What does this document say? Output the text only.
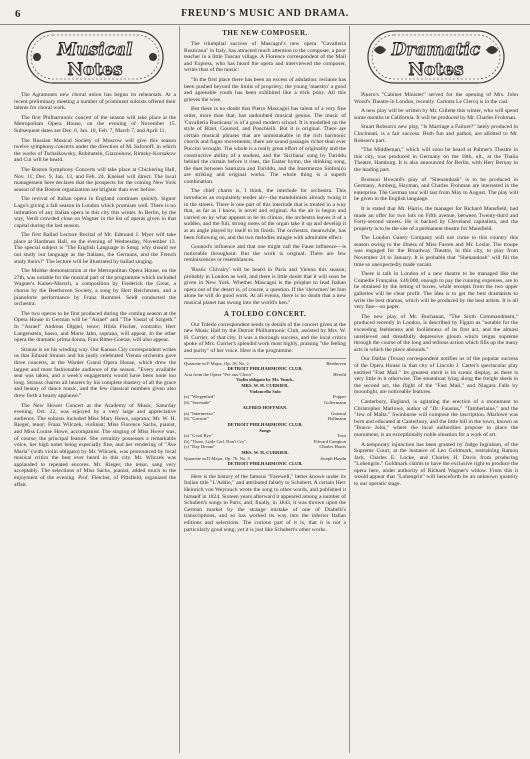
6	FREUND'S MUSIC AND DRAMA.
Musical
Notes

The Agramonts new choral union has begun its rehearsals. At a recent preliminary meeting a number of prominent soloists offered their talents for choral work.

The first Philharmonic concert of the season will take place at the Metropolitan Opera House, on the evening of November 15. Subsequent dates are Dec. 6, Jan. 10, Feb. 7, March 7, and April 11.

The Russian Musical Society of Moscow will give this season twelve symphony concerts under the direction of M. Safonoff, in which the works of Tschaikowsky, Rubinstein, Glazounow, Rimsky-Korsakow and Cui will be heard.

The Boston Symphony Concerts will take place at Chickering Hall, Nov. 11, Dec. 9, Jan. 13, and Feb. 24. Kneisel will direct. The local management here declares that the prospects for the coming New York season of the Boston organization are brighter than ever before.

The revival of Italian opera in England continues quickly. Signor Lago's giving a fall season in London which promises well. There is no intimation of any Italian opera in this city this winter. In Berlin, by the way, Verdi crowded close on Wagner in the list of operas given in that capital during the last season.

The first Ballad Lecture Recital of Mr. Edmund J. Myer will take place at Hardman Hall, on the evening of Wednesday, November 13. The special subject is "The English Language in Song; why should we not study our language as the Italians, the Germans, and the French study theirs?" The lecture will be illustrated by ballad singing.

The Moltke demonstration at the Metropolitan Opera House, on the 27th, was notable for the musical part of the programme which included Wagner's Kaiser-Marsch, a composition by Frederick the Great, a chorus by the Beethoven Society, a song by Herr Reichmann, and a pianoforte performance by Franz Rummel. Seidl conducted the orchestra.

The two operas to be first produced during the coming season at the Opera House in German will be "Asrael" and "The Vassal of Szigeth." In "Asrael" Andreas Dippel, tenor; Hilda Fischer, contralto; Herr Langenstein, basso, and Marie Jahn, soprano, will appear. In the other opera the dramatic prima donna, Frau Ritter-Goetze, will also appear.

Strauss is on his winding way. Our Kansas City correspondent writes us that Eduard Strauss and his justly celebrated Vienna orchestra gave three concerts, at the Warder Grand Opera House, which drew the largest and most fashionable audience of the season. "Every available seat was taken, and a week's engagement would have been none too long. Strauss charms all hearers by his complete mastery of all the grace and beauty of dance music, and the few classical numbers given also drew forth a hearty applause."

The New Hower Concert at the Academy of Music, Saturday evening, Oct. 22, was enjoyed by a very large and appreciative audience. The soloists included Miss Mary Howe, soprano; Mr. W. H. Rieger, tenor; Franz Wilczek, violinist; Miss Florence Sachs, pianist, and Miss Louise Howe, accompanist. The singing of Miss Howe was, of course, the principal feature. She certainly possesses a remarkable voice, her high notes being especially fine, and her rendering of "Ave Maria" (with violin obligato) by Mr. Wilczek, was pronounced by local musical critics the best ever heard in this city. Mr. Wilczek was applauded to repeated encores. Mr. Rieger, the tenor, sang very acceptably. The selections of Miss Sachs, pianist, added much to the enjoyment of the evening. Prof. Fletcher, of Pittsfield, organized the affair.

THE NEW COMPOSER.

The triumphal success of Mascagni's new opera "Cavalleria Rusticana" in Italy, has attracted much attention to the composer, a poor teacher in a little Tuscan village. A Florence correspondent of the Mail and Express, who has heard the opera and interviewed the composer, writes thus of the music:

"In the first place there has been an excess of adulation; reclame has been pushed beyond the limits of propriety; the young 'maestro' a good and agreeable youth has been exhibited like a trick pony. All this grieves the wise.

But there is no doubt that Pietro Mascagni has talent of a very fine order, more than that, has undoubted musical genius. The music of 'Cavalleria Rusticana' is of a good modern school. It is modelled on the style of Bizet, Gounod, and Ponchielli. But it is original. There are certain musical phrases that are unmistakable in the rich harmonic chords and fugue movements; there are sound passages richer than ever Puccini wrought. The whole is a really great effort of originality and the constructive ability of a student, and the 'Siciliana' sung by Turiddu behind the curtain before it rises, the Easter hymn, the drinking song, the duet between Santuzza and Turiddu, and the Intermezzo Sinfonico are striking and original works. The whole thing is a superb combination.

The chief charm is, I think, the interlude for orchestra. This introduces an exquisitely tender air—the mandolinists already twang it in the streets. There is one part of this interlude that is treated in a way that, as far as I know, is novel and original. As the air is begun and carried on by what appears to be its climax, the orchestra leaves it of a sudden, and the full, strong notes of the organ take it up and develop it at an angle played by itself to its finish. The orchestra, meanwhile, has been following on, and the two melodies mingle with admirable effect.

Gounod's influence and that one might call the Faust influence—is noticeable throughout. But the work is original. There are few reminiscences or resemblances.

'Rustic Chivalry' will be heard in Paris and Vienna this season; probably in London as well, and there is little doubt that it will soon be given in New York. Whether Mascagni is the prophet to lead Italian opera out of the desert is, of course, a question. If the 'showmen' let him alone he will do good work. At all events, there is no doubt that a new musical planet has swung into the world's ken."

A TOLEDO CONCERT.

Our Toledo correspondent sends us details of the concert given at the new Music Hall by the Detroit Philharmonic Club, assisted by Mrs. W. H. Currier, of that city. It was a thorough success, and the local critics spoke of Mrs. Currier's splendid work most highly, praising "the feeling and purity" of her voice. Here is the programme:

Quartette in F Major, Op. 18, No. 1	Beethoven
DETROIT PHILHARMONIC CLUB.
Aria from the Opera "Pré aux Clercs"	Hérold
Violin obligato by Mr. Yunck.
MRS. W. H. CURRIER.
Violoncello Solo
(a) "Wiegenlied"	Popper
(b) "Serenade"	Goltermann
ALFRED HOFFMAN.
(a) "Intermezzo"	Guiraud
(b) "Gavotte"	Hollmann
DETROIT PHILHARMONIC CLUB.
Songs
(a) "Good Bye"	Tosti
(b) "There, Little Girl, Don't Cry"	Edward Campion
(c) "Day Dream"	Charles Harris
MRS. W. H. CURRIER.
Quartette in D Major, Op. 76, No. 5	Joseph Haydn
DETROIT PHILHARMONIC CLUB.

Here is the history of the famous "Farewell," better known under its Italian title "L'Addio," and attributed falsely to Schubert. A certain Herr Heinrich von Weyrauch wrote the song to other words, and published it himself in 1824. Sixteen years afterward it appeared among a number of Schubert's songs in Paris, and, finally, in 1843, it was thrown upon the German market by the strange mistake of one of Diabelli's transcriptions, and so has worked its way into the inferior Italian editions and selections. The curious part of it is, that it is not a particularly good song; yet it is just like Schubert's other works.

Dramatic
Notes

Pinero's "Cabinet Minister" served for the opening of Mrs. John Wood's Theatre in London, recently. Carlotta Le Clercq is in the cast.

A new play will be written by Mr. Gillette this winter, who will spend some months in California. It will be produced by Mr. Charles Frohman.

Stuart Robson's new play, "Is Marriage a Failure?" lately produced in Cincinnati, is a fair success. Both fun and pathos, are allotted to Mr. Robson's part.

"The Middleman," which will soon be heard at Palmer's Theatre in this city, was produced in Germany on the 18th, ult., at the Thalia Theatre, Hamburg. It is also announced for Berlin, with Herr Bernay in the leading part.

Bronson Howard's play of "Shenandoah" is to be produced in Germany. Amberg, Hayman, and Charles Frohman are interested in the enterprise. The German tour will last from May to August. The play will be given in the English language.

It is stated that Mr. Harris, the manager for Richard Mansfield, had made an offer for two lots on Fifth avenue, between Twenty-third and Forty-second streets. He is backed by Cleveland capitalists, and the property is to be the site of a permanent theatre for Mansfield.

The London Gaiety Company will not come to this country this season owing to the illness of Miss Farren and Mr. Leslie. The troupe was engaged for the Broadway Theatre, in this city, to play from November 24 to January. It is probable that "Shenandoah" will fill the time so unexpectedly made vacant.

There is talk in London of a new theatre to be managed like the Comédie Française. £40,000, enough to pay the running expenses, are to be obtained by the letting of boxes, while receipts from the two upper galleries will be clear profit. The idea is to get the best dramatists to write the best dramas, which will be produced by the best artists. It is all very fine—on paper.

The new play of Mr. Buchanan, "The Sixth Commandment," produced recently in London, is described by Figaro as "notable for the exceeding feebleness and foolishness of its first act, and the almost unrelieved and dreadfully depressive gloom which reigns supreme through the course of the long and tedious action which fills up the many acts in which the piece abounds."

Our Dallas (Texas) correspondent notifies us of the popular success of the Opera House in that city of Lincoln J. Carter's spectacular play entitled "Fast Mail." Its greatest merit is its scenic display, as there is very little in it otherwise. The steamboat lying along the freight sheds in the second act, the flight of the "Fast Mail," and Niagara Falls by moonlight, are noticeable features.

Canterbury, England, is agitating the erection of a monument to Christopher Marlowe, author of "Dr. Faustus," "Tamberlaine," and the "Jew of Malta." Swinburne will compose the inscription. Marlowe was born and educated at Canterbury, and the little hill in the town, known as "Bunce John," where the local authorities propose to place the monument, is an exceptionally noble situation for a work of art.

A temporary injunction has been granted by Judge Ingraham, of the Supreme Court, at the instance of Leo Goldmark, restraining Ramon Jack, Charles E. Locke, and Charles H. Davis from producing "Lohengrin." Goldmark claims to have the exclusive right to produce the opera here, under authority of Richard Wagner's widow. From this it would appear that "Lohengrin" will henceforth be an unknown quantity to our operatic stage.
